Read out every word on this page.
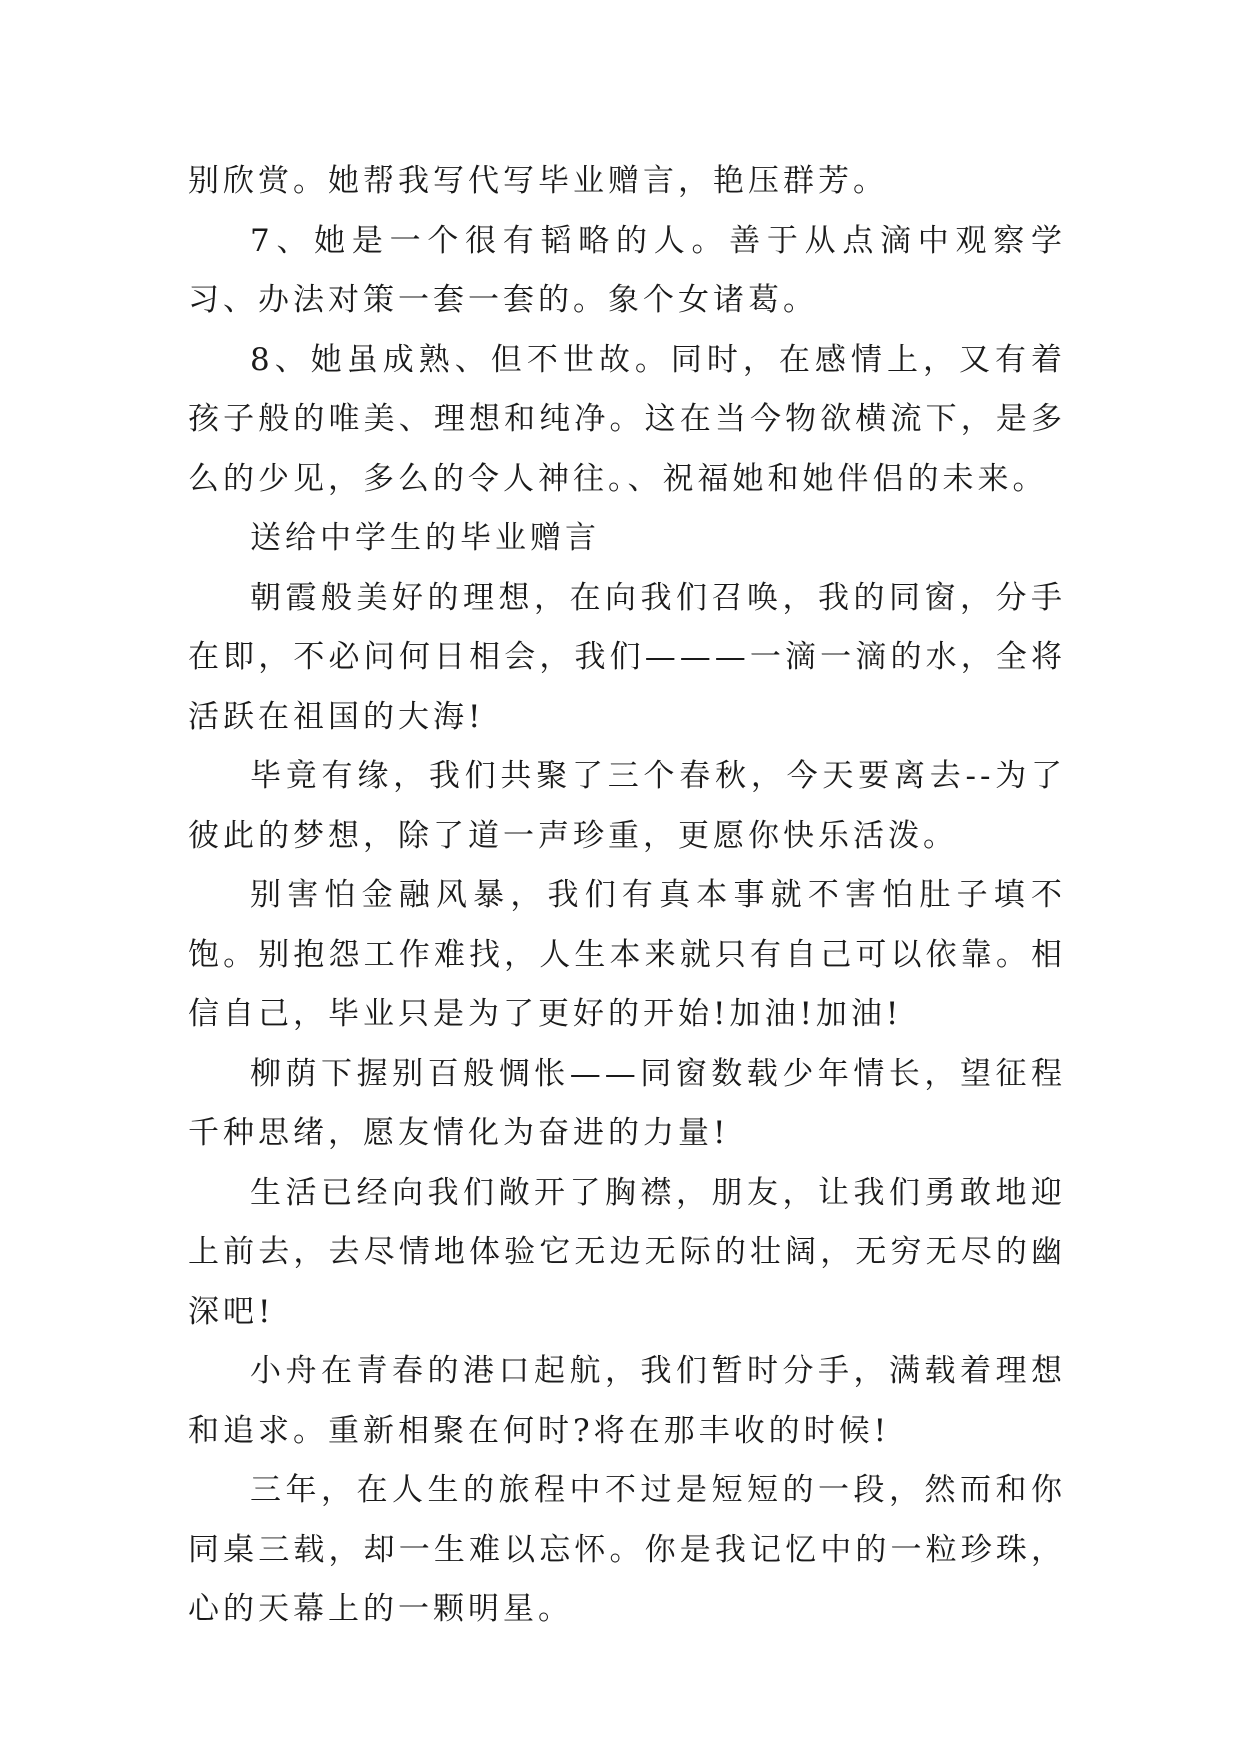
别欣赏。她帮我写代写毕业赠言，艳压群芳。

7、她是一个很有韬略的人。善于从点滴中观察学习、办法对策一套一套的。象个女诸葛。

8、她虽成熟、但不世故。同时，在感情上，又有着孩子般的唯美、理想和纯净。这在当今物欲横流下，是多么的少见，多么的令人神往。、祝福她和她伴侣的未来。

送给中学生的毕业赠言

朝霞般美好的理想，在向我们召唤，我的同窗，分手在即，不必问何日相会，我们———一滴一滴的水，全将活跃在祖国的大海!

毕竟有缘，我们共聚了三个春秋，今天要离去--为了彼此的梦想，除了道一声珍重，更愿你快乐活泼。

别害怕金融风暴，我们有真本事就不害怕肚子填不饱。别抱怨工作难找，人生本来就只有自己可以依靠。相信自己，毕业只是为了更好的开始!加油!加油!

柳荫下握别百般惆怅——同窗数载少年情长，望征程千种思绪，愿友情化为奋进的力量!

生活已经向我们敞开了胸襟，朋友，让我们勇敢地迎上前去，去尽情地体验它无边无际的壮阔，无穷无尽的幽深吧!

小舟在青春的港口起航，我们暂时分手，满载着理想和追求。重新相聚在何时?将在那丰收的时候!

三年，在人生的旅程中不过是短短的一段，然而和你同桌三载，却一生难以忘怀。你是我记忆中的一粒珍珠，心的天幕上的一颗明星。
